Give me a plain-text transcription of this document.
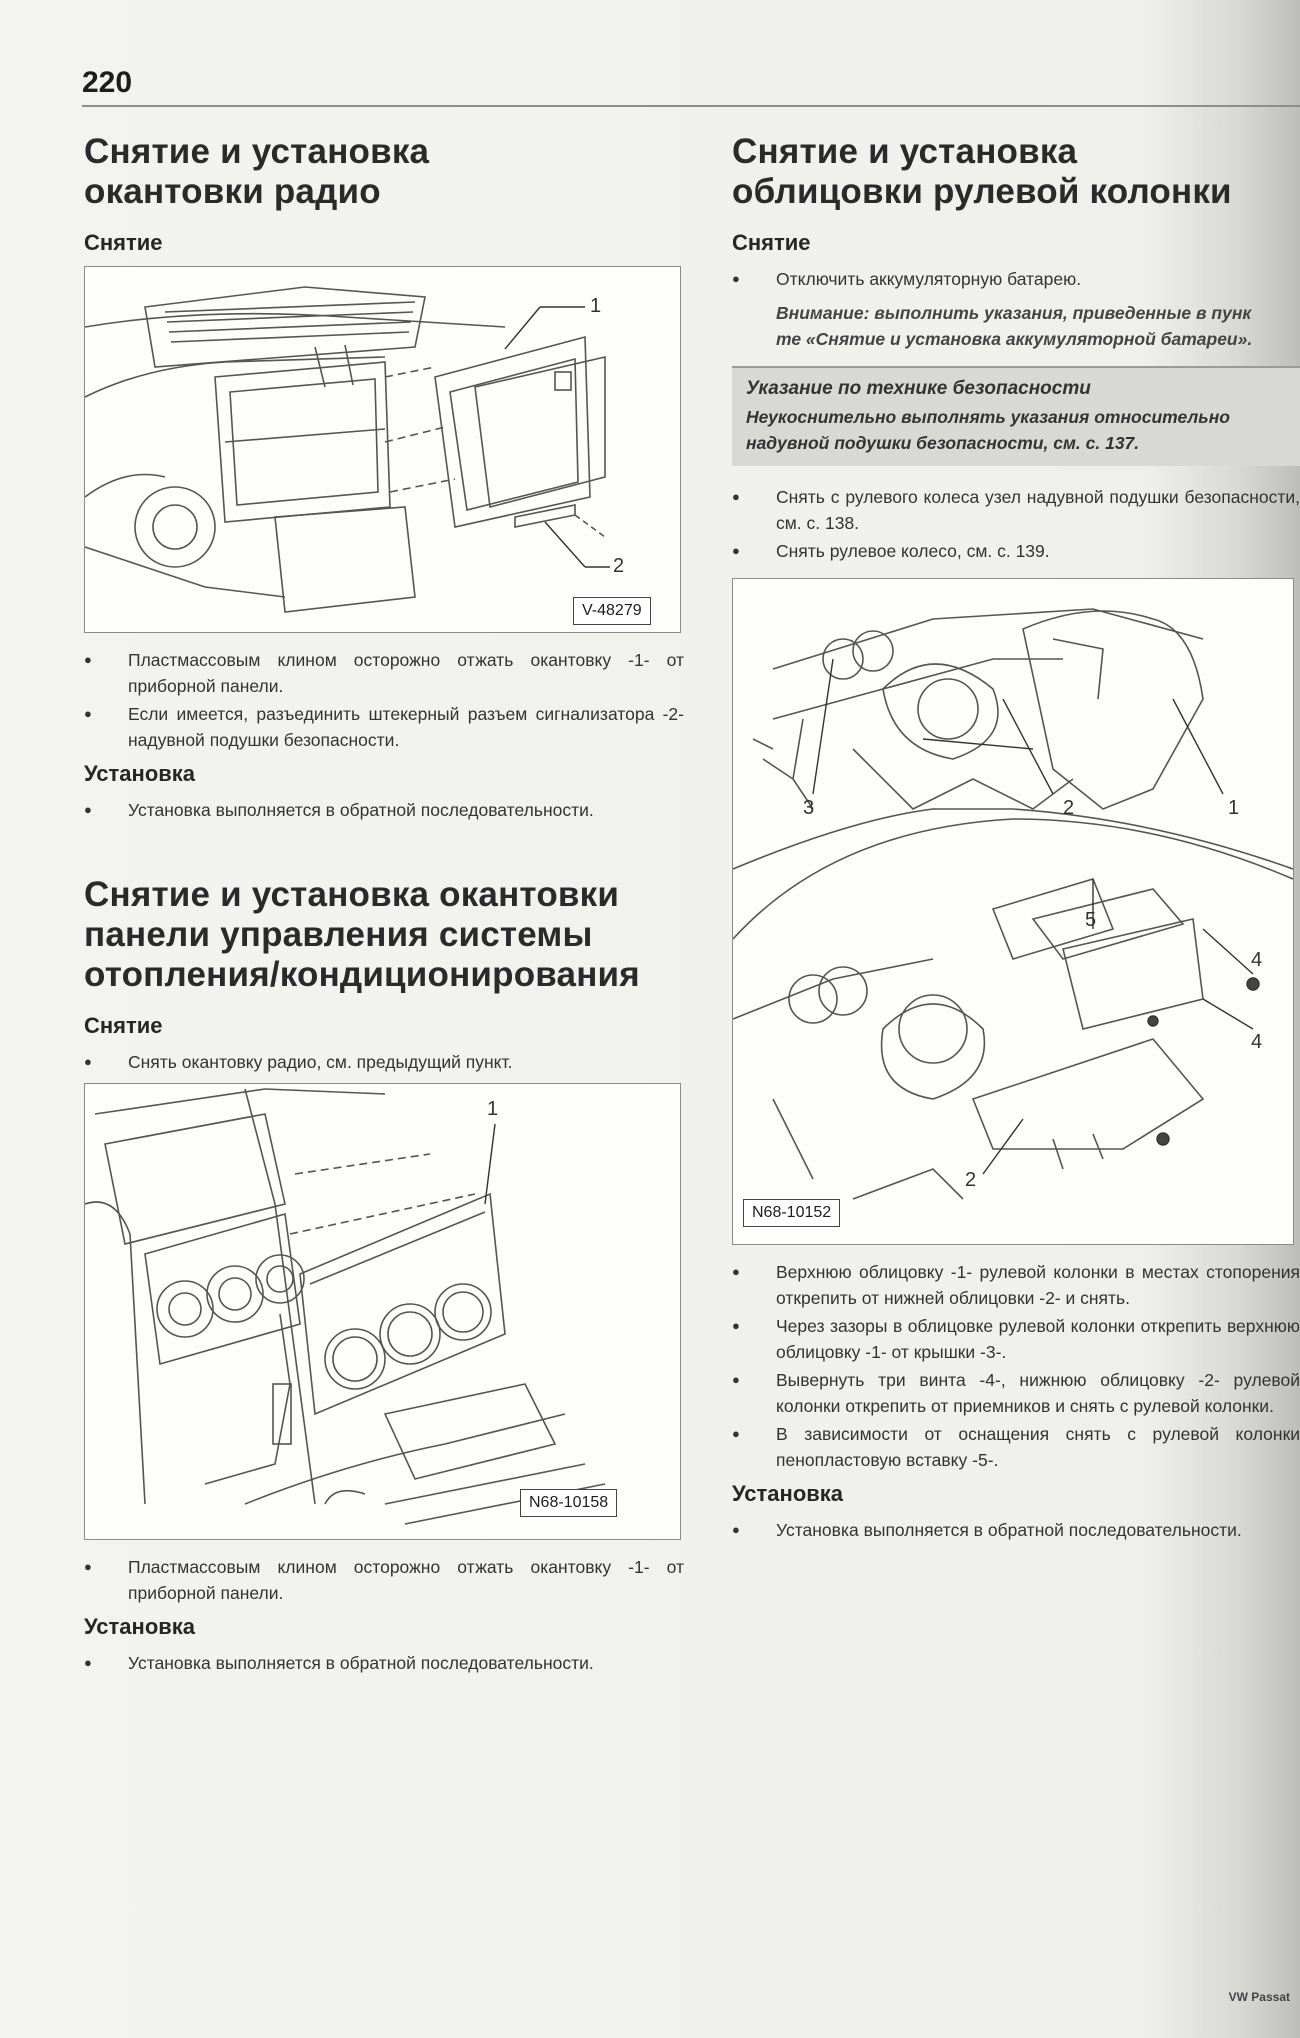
220
Снятие и установка
окантовки радио
Снятие
1
2
V-48279
● Пластмассовым клином осторожно отжать окантовку -1- от приборной панели.
● Если имеется, разъединить штекерный разъем сигнализатора -2- надувной подушки безопасности.
Установка
● Установка выполняется в обратной последовательности.
Снятие и установка окантовки
панели управления системы
отопления/кондиционирования
Снятие
● Снять окантовку радио, см. предыдущий пункт.
1
N68-10158
● Пластмассовым клином осторожно отжать окантовку -1- от приборной панели.
Установка
● Установка выполняется в обратной последовательности.
Снятие и установка
облицовки рулевой колонки
Снятие
● Отключить аккумуляторную батарею.
Внимание: выполнить указания, приведенные в пунк
те «Снятие и установка аккумуляторной батареи».
Указание по технике безопасности
Неукоснительно выполнять указания относительно
надувной подушки безопасности, см. с. 137.
● Снять с рулевого колеса узел надувной подушки безопасности, см. с. 138.
● Снять рулевое колесо, см. с. 139.
3	2	1
5
4
4
2
N68-10152
● Верхнюю облицовку -1- рулевой колонки в местах стопорения открепить от нижней облицовки -2- и снять.
● Через зазоры в облицовке рулевой колонки открепить верхнюю облицовку -1- от крышки -3-.
● Вывернуть три винта -4-, нижнюю облицовку -2- рулевой колонки открепить от приемников и снять с рулевой колонки.
● В зависимости от оснащения снять с рулевой колонки пенопластовую вставку -5-.
Установка
● Установка выполняется в обратной последовательности.
VW Passat
